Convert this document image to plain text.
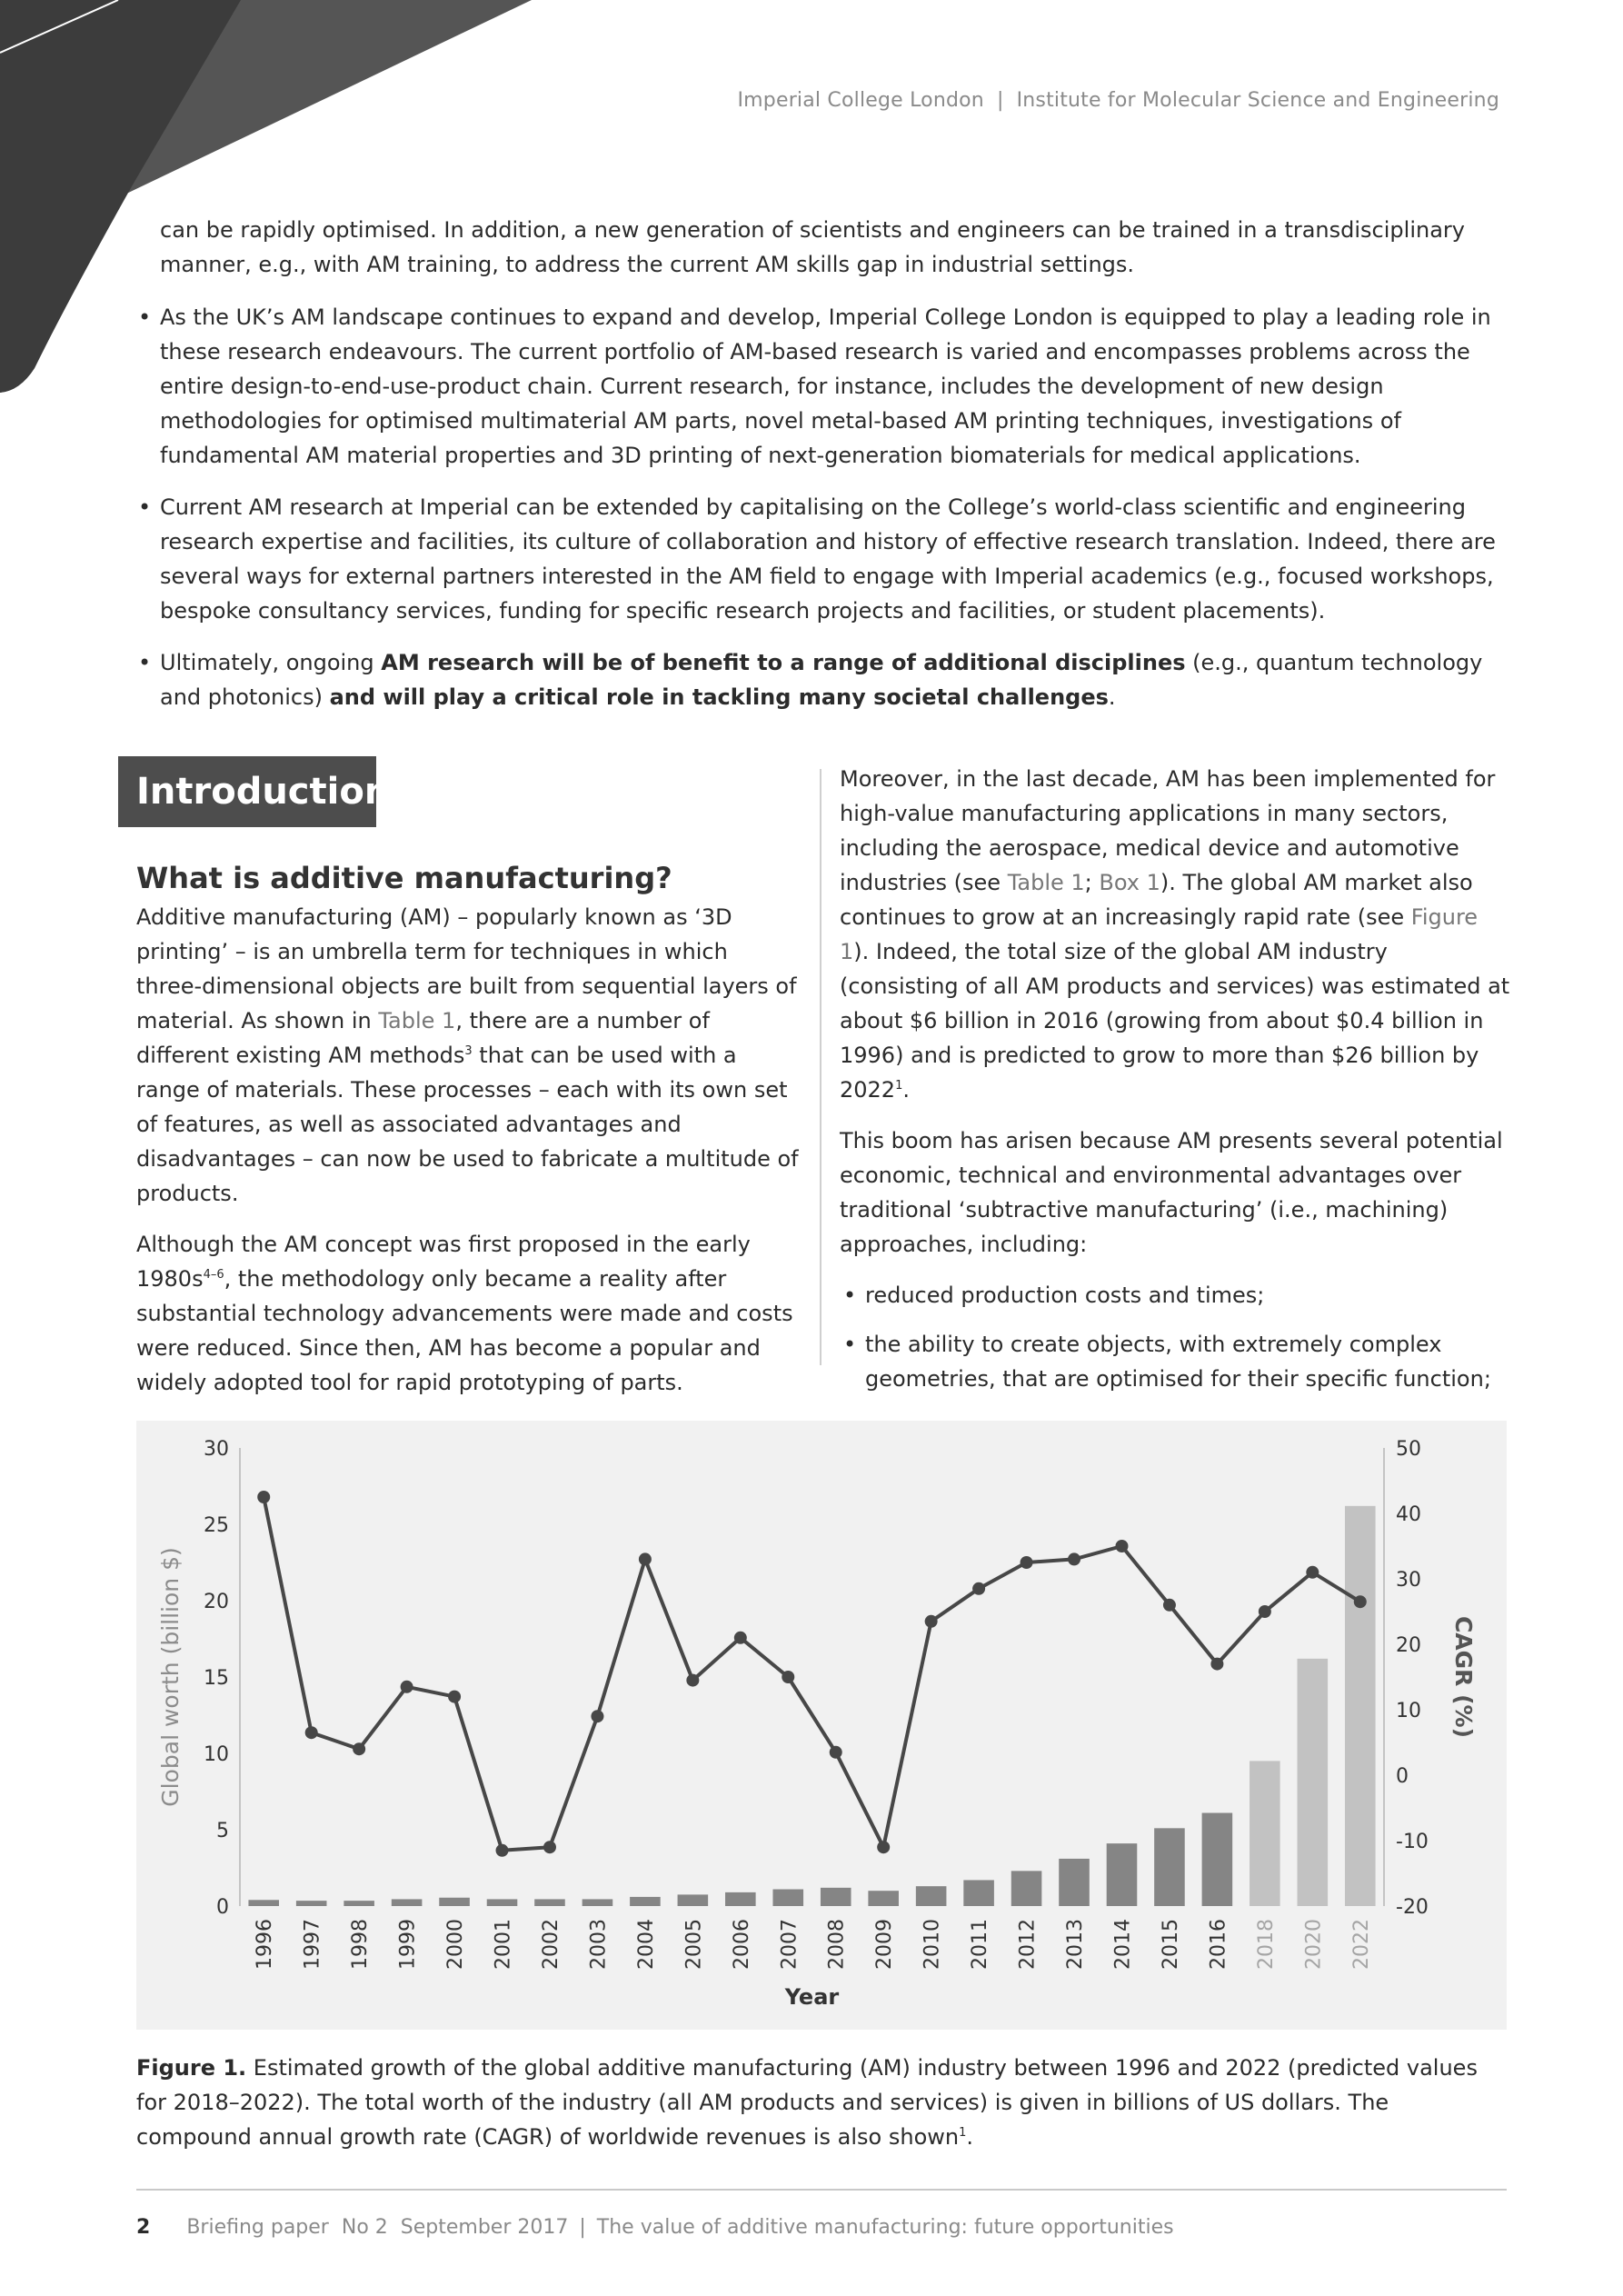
Imperial College London | Institute for Molecular Science and Engineering

can be rapidly optimised. In addition, a new generation of scientists and engineers can be trained in a transdisciplinary manner, e.g., with AM training, to address the current AM skills gap in industrial settings.

• As the UK’s AM landscape continues to expand and develop, Imperial College London is equipped to play a leading role in these research endeavours. The current portfolio of AM-based research is varied and encompasses problems across the entire design-to-end-use-product chain. Current research, for instance, includes the development of new design methodologies for optimised multimaterial AM parts, novel metal-based AM printing techniques, investigations of fundamental AM material properties and 3D printing of next-generation biomaterials for medical applications.
• Current AM research at Imperial can be extended by capitalising on the College’s world-class scientific and engineering research expertise and facilities, its culture of collaboration and history of effective research translation. Indeed, there are several ways for external partners interested in the AM field to engage with Imperial academics (e.g., focused workshops, bespoke consultancy services, funding for specific research projects and facilities, or student placements).
• Ultimately, ongoing AM research will be of benefit to a range of additional disciplines (e.g., quantum technology and photonics) and will play a critical role in tackling many societal challenges.
Introduction
What is additive manufacturing?

Additive manufacturing (AM) – popularly known as ‘3D printing’ – is an umbrella term for techniques in which three-dimensional objects are built from sequential layers of material. As shown in Table 1, there are a number of different existing AM methods$^3$ that can be used with a range of materials. These processes – each with its own set of features, as well as associated advantages and disadvantages – can now be used to fabricate a multitude of products.

Although the AM concept was first proposed in the early $1980s^{4-6}$, the methodology only became a reality after substantial technology advancements were made and costs were reduced. Since then, AM has become a popular and widely adopted tool for rapid prototyping of parts.

Moreover, in the last decade, AM has been implemented for high-value manufacturing applications in many sectors, including the aerospace, medical device and automotive industries (see Table 1; Box 1). The global AM market also continues to grow at an increasingly rapid rate (see Figure 1). Indeed, the total size of the global AM industry (consisting of all AM products and services) was estimated at about $6 billion in 2016 (growing from about $0.4 billion in 1996) and is predicted to grow to more than $26 billion by 2022$^1$.

This boom has arisen because AM presents several potential economic, technical and environmental advantages over traditional ‘subtractive manufacturing’ (i.e., machining) approaches, including:

• reduced production costs and times;
• the ability to create objects, with extremely complex geometries, that are optimised for their specific function;
0
5
10
15
20
25
30
-20
-10
0
10
20
30
40
50
1996 1997 1998 1999 2000 2001 2002 2003 2004 2005 2006 2007 2008 2009 2010 2011 2012 2013 2014 2015 2016 2018 2020 2022
Year
Global worth (billion $)	CAGR (%)
Figure 1. Estimated growth of the global additive manufacturing (AM) industry between 1996 and 2022 (predicted values for 2018–2022). The total worth of the industry (all AM products and services) is given in billions of US dollars. The compound annual growth rate (CAGR) of worldwide revenues is also shown$^1$.
2 Briefing paper No 2 September 2017 | The value of additive manufacturing: future opportunities
